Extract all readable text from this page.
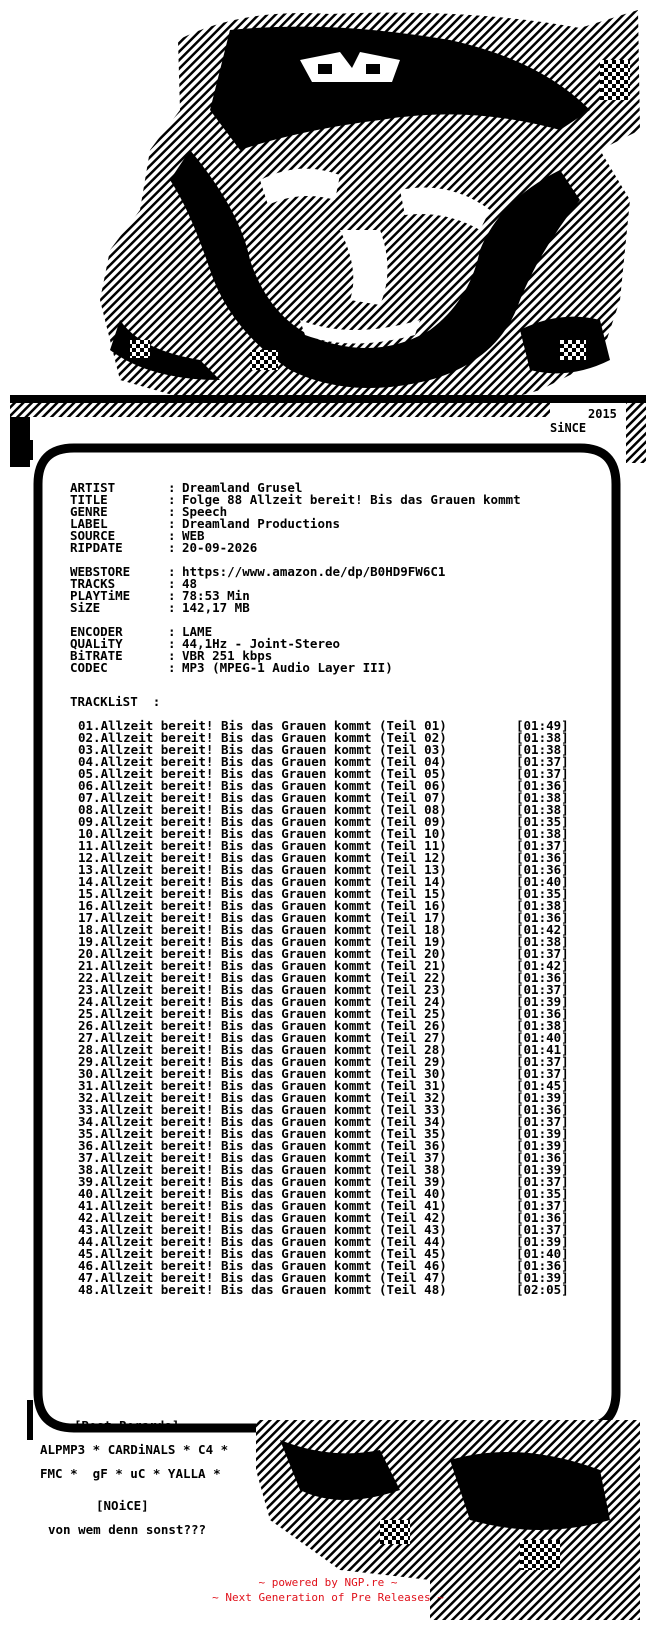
2015
SiNCE
ARTIST	: Dreamland Grusel
TITLE	: Folge 88 Allzeit bereit! Bis das Grauen kommt
GENRE	: Speech
LABEL	: Dreamland Productions
SOURCE	: WEB
RIPDATE	: 20-09-2026
WEBSTORE	: https://www.amazon.de/dp/B0HD9FW6C1
TRACKS	: 48
PLAYTiME	: 78:53 Min
SiZE	: 142,17 MB
ENCODER	: LAME
QUALiTY	: 44,1Hz - Joint-Stereo
BiTRATE	: VBR 251 kbps
CODEC	: MP3 (MPEG-1 Audio Layer III)
TRACKLiST  :
01.Allzeit bereit! Bis das Grauen kommt (Teil 01)	[01:49]
02.Allzeit bereit! Bis das Grauen kommt (Teil 02)	[01:38]
03.Allzeit bereit! Bis das Grauen kommt (Teil 03)	[01:38]
04.Allzeit bereit! Bis das Grauen kommt (Teil 04)	[01:37]
05.Allzeit bereit! Bis das Grauen kommt (Teil 05)	[01:37]
06.Allzeit bereit! Bis das Grauen kommt (Teil 06)	[01:36]
07.Allzeit bereit! Bis das Grauen kommt (Teil 07)	[01:38]
08.Allzeit bereit! Bis das Grauen kommt (Teil 08)	[01:38]
09.Allzeit bereit! Bis das Grauen kommt (Teil 09)	[01:35]
10.Allzeit bereit! Bis das Grauen kommt (Teil 10)	[01:38]
11.Allzeit bereit! Bis das Grauen kommt (Teil 11)	[01:37]
12.Allzeit bereit! Bis das Grauen kommt (Teil 12)	[01:36]
13.Allzeit bereit! Bis das Grauen kommt (Teil 13)	[01:36]
14.Allzeit bereit! Bis das Grauen kommt (Teil 14)	[01:40]
15.Allzeit bereit! Bis das Grauen kommt (Teil 15)	[01:35]
16.Allzeit bereit! Bis das Grauen kommt (Teil 16)	[01:38]
17.Allzeit bereit! Bis das Grauen kommt (Teil 17)	[01:36]
18.Allzeit bereit! Bis das Grauen kommt (Teil 18)	[01:42]
19.Allzeit bereit! Bis das Grauen kommt (Teil 19)	[01:38]
20.Allzeit bereit! Bis das Grauen kommt (Teil 20)	[01:37]
21.Allzeit bereit! Bis das Grauen kommt (Teil 21)	[01:42]
22.Allzeit bereit! Bis das Grauen kommt (Teil 22)	[01:36]
23.Allzeit bereit! Bis das Grauen kommt (Teil 23)	[01:37]
24.Allzeit bereit! Bis das Grauen kommt (Teil 24)	[01:39]
25.Allzeit bereit! Bis das Grauen kommt (Teil 25)	[01:36]
26.Allzeit bereit! Bis das Grauen kommt (Teil 26)	[01:38]
27.Allzeit bereit! Bis das Grauen kommt (Teil 27)	[01:40]
28.Allzeit bereit! Bis das Grauen kommt (Teil 28)	[01:41]
29.Allzeit bereit! Bis das Grauen kommt (Teil 29)	[01:37]
30.Allzeit bereit! Bis das Grauen kommt (Teil 30)	[01:37]
31.Allzeit bereit! Bis das Grauen kommt (Teil 31)	[01:45]
32.Allzeit bereit! Bis das Grauen kommt (Teil 32)	[01:39]
33.Allzeit bereit! Bis das Grauen kommt (Teil 33)	[01:36]
34.Allzeit bereit! Bis das Grauen kommt (Teil 34)	[01:37]
35.Allzeit bereit! Bis das Grauen kommt (Teil 35)	[01:39]
36.Allzeit bereit! Bis das Grauen kommt (Teil 36)	[01:39]
37.Allzeit bereit! Bis das Grauen kommt (Teil 37)	[01:36]
38.Allzeit bereit! Bis das Grauen kommt (Teil 38)	[01:39]
39.Allzeit bereit! Bis das Grauen kommt (Teil 39)	[01:37]
40.Allzeit bereit! Bis das Grauen kommt (Teil 40)	[01:35]
41.Allzeit bereit! Bis das Grauen kommt (Teil 41)	[01:37]
42.Allzeit bereit! Bis das Grauen kommt (Teil 42)	[01:36]
43.Allzeit bereit! Bis das Grauen kommt (Teil 43)	[01:37]
44.Allzeit bereit! Bis das Grauen kommt (Teil 44)	[01:39]
45.Allzeit bereit! Bis das Grauen kommt (Teil 45)	[01:40]
46.Allzeit bereit! Bis das Grauen kommt (Teil 46)	[01:36]
47.Allzeit bereit! Bis das Grauen kommt (Teil 47)	[01:39]
48.Allzeit bereit! Bis das Grauen kommt (Teil 48)	[02:05]
[Best Regards]
ALPMP3 * CARDiNALS * C4 *
FMC *  gF * uC * YALLA *
[NOiCE]
von wem denn sonst???
~ powered by NGP.re ~
~ Next Generation of Pre Releases ~
